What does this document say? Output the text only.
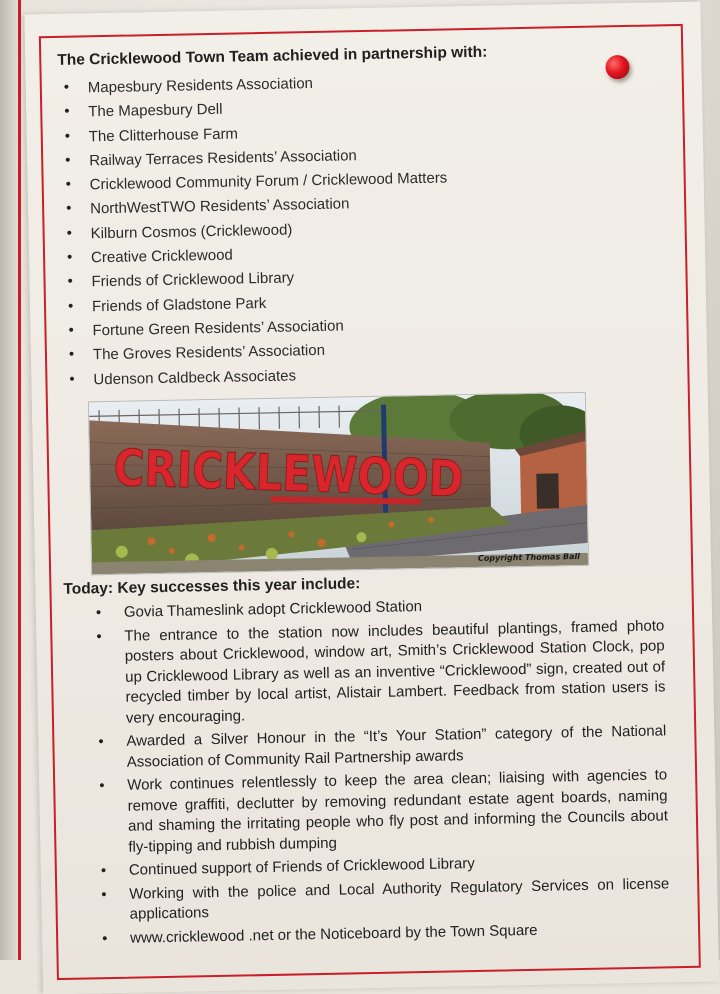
The Cricklewood Town Team achieved in partnership with:
• Mapesbury Residents Association
• The Mapesbury Dell
• The Clitterhouse Farm
• Railway Terraces Residents’ Association
• Cricklewood Community Forum / Cricklewood Matters
• NorthWestTWO Residents’ Association
• Kilburn Cosmos (Cricklewood)
• Creative Cricklewood
• Friends of Cricklewood Library
• Friends of Gladstone Park
• Fortune Green Residents’ Association
• The Groves Residents’ Association
• Udenson Caldbeck Associates
CRICKLEWOOD
Copyright Thomas Ball
Today: Key successes this year include:
• Govia Thameslink adopt Cricklewood Station
• The entrance to the station now includes beautiful plantings, framed photo posters about Cricklewood, window art, Smith’s Cricklewood Station Clock, pop up Cricklewood Library as well as an inventive “Cricklewood” sign, created out of recycled timber by local artist, Alistair Lambert. Feedback from station users is very encouraging.
• Awarded a Silver Honour in the “It’s Your Station” category of the National Association of Community Rail Partnership awards
• Work continues relentlessly to keep the area clean; liaising with agencies to remove graffiti, declutter by removing redundant estate agent boards, naming and shaming the irritating people who fly post and informing the Councils about fly-tipping and rubbish dumping
• Continued support of Friends of Cricklewood Library
• Working with the police and Local Authority Regulatory Services on license applications
• www.cricklewood .net or the Noticeboard by the Town Square
